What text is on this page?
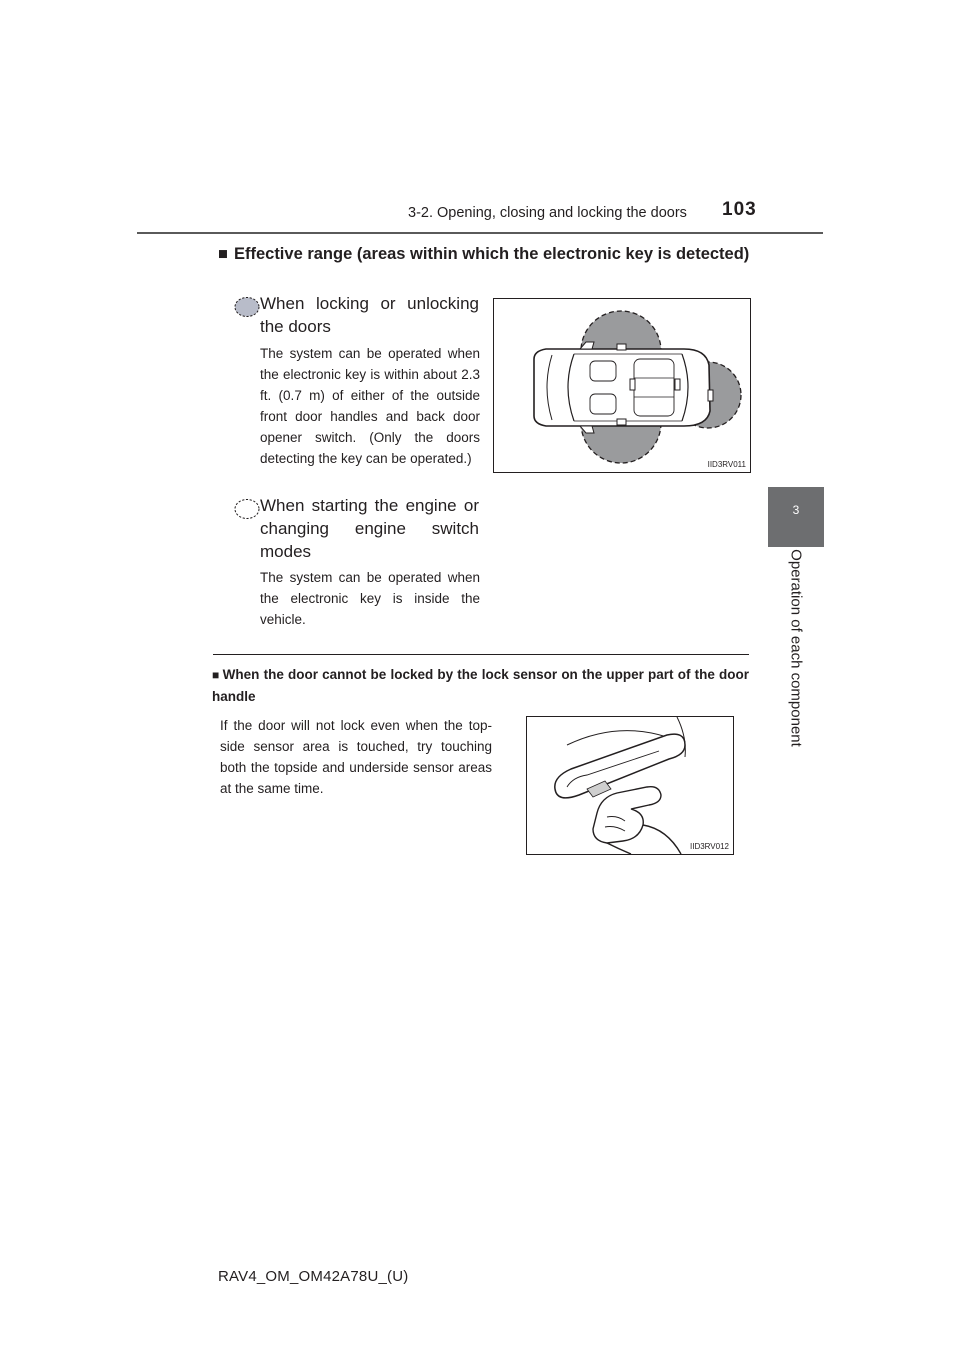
3-2. Opening, closing and locking the doors 103
3
Operation of each component
■ Effective range (areas within which the electronic key is detected)
When locking or unlocking the doors
The system can be operated when the electronic key is within about 2.3 ft. (0.7 m) of either of the outside front door handles and back door opener switch. (Only the doors detecting the key can be operated.)
When starting the engine or changing engine switch modes
The system can be operated when the electronic key is inside the vehicle.
IID3RV011
■ When the door cannot be locked by the lock sensor on the upper part of the door handle
If the door will not lock even when the top-side sensor area is touched, try touching both the topside and underside sensor areas at the same time.
IID3RV012
RAV4_OM_OM42A78U_(U)
